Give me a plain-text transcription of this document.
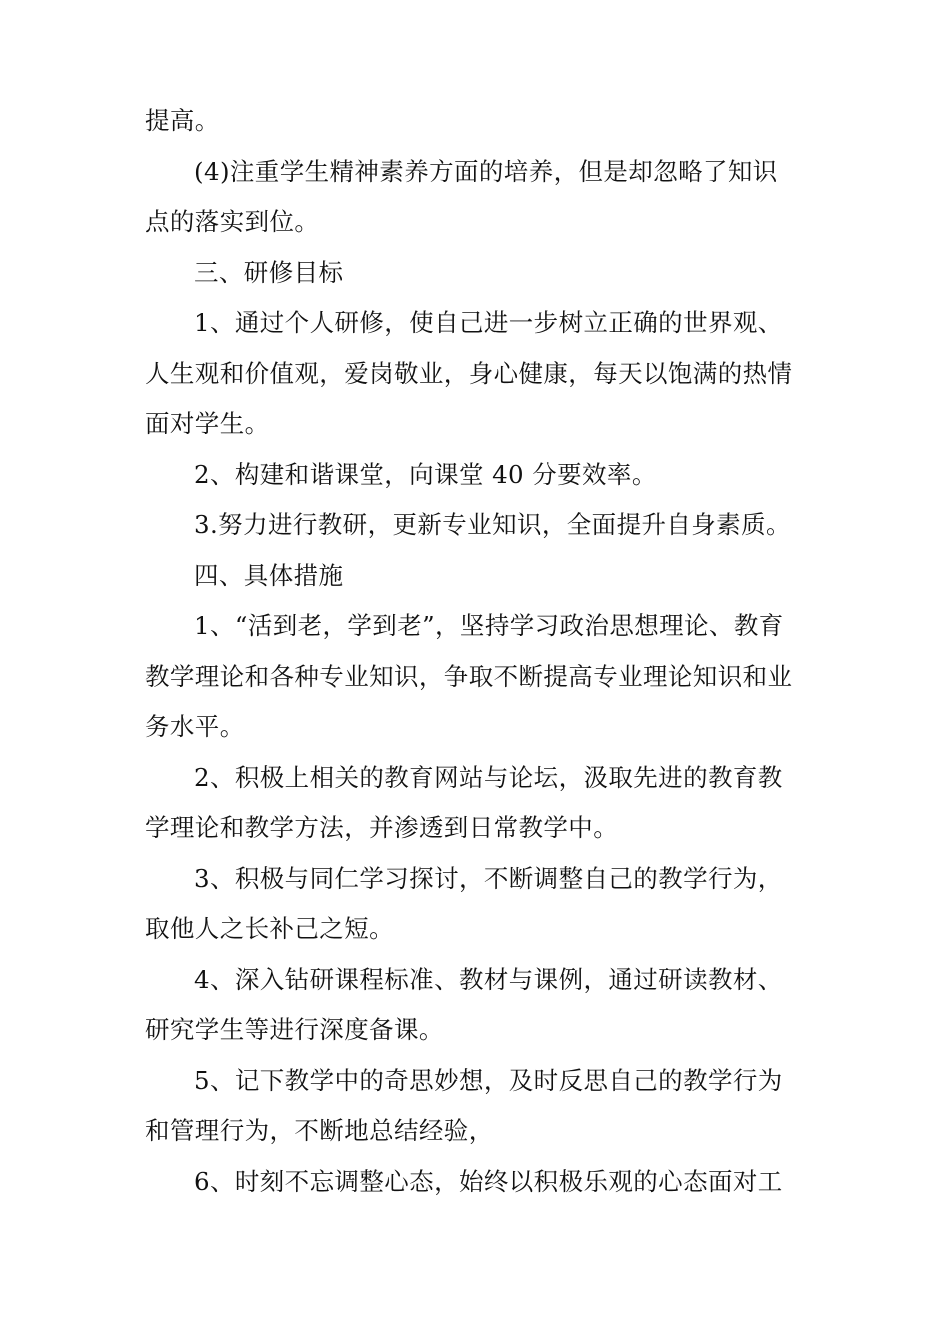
提高。

(4)注重学生精神素养方面的培养，但是却忽略了知识
点的落实到位。

三、研修目标

1、通过个人研修，使自己进一步树立正确的世界观、
人生观和价值观，爱岗敬业，身心健康，每天以饱满的热情
面对学生。

2、构建和谐课堂，向课堂 40 分要效率。

3.努力进行教研，更新专业知识，全面提升自身素质。

四、具体措施

1、“活到老，学到老”，坚持学习政治思想理论、教育
教学理论和各种专业知识，争取不断提高专业理论知识和业
务水平。

2、积极上相关的教育网站与论坛，汲取先进的教育教
学理论和教学方法，并渗透到日常教学中。

3、积极与同仁学习探讨，不断调整自己的教学行为，
取他人之长补己之短。

4、深入钻研课程标准、教材与课例，通过研读教材、
研究学生等进行深度备课。

5、记下教学中的奇思妙想，及时反思自己的教学行为
和管理行为，不断地总结经验，

6、时刻不忘调整心态，始终以积极乐观的心态面对工
